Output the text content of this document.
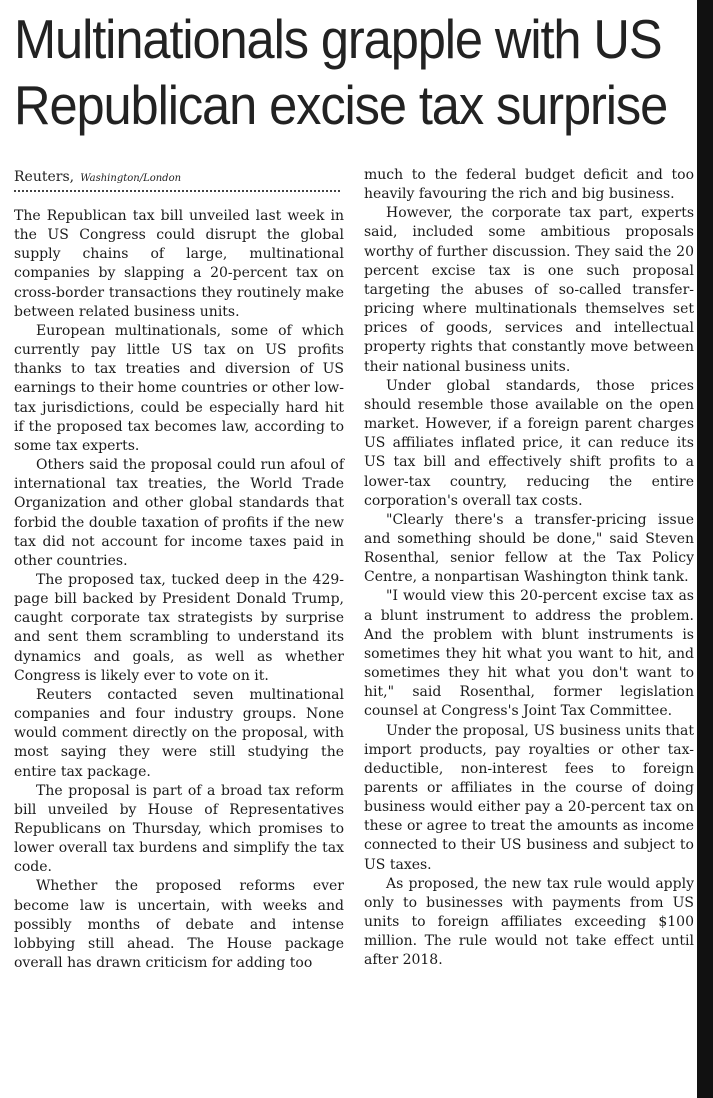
Multinationals grapple with US
Republican excise tax surprise
Reuters, Washington/London

The Republican tax bill unveiled last week in the US Congress could disrupt the global supply chains of large, multinational companies by slapping a 20-percent tax on cross-border transactions they routinely make between related business units.

European multinationals, some of which currently pay little US tax on US profits thanks to tax treaties and diversion of US earnings to their home countries or other low-tax jurisdictions, could be especially hard hit if the proposed tax becomes law, according to some tax experts.

Others said the proposal could run afoul of international tax treaties, the World Trade Organization and other global standards that forbid the double taxation of profits if the new tax did not account for income taxes paid in other countries.

The proposed tax, tucked deep in the 429-page bill backed by President Donald Trump, caught corporate tax strategists by surprise and sent them scrambling to understand its dynamics and goals, as well as whether Congress is likely ever to vote on it.

Reuters contacted seven multinational companies and four industry groups. None would comment directly on the proposal, with most saying they were still studying the entire tax package.

The proposal is part of a broad tax reform bill unveiled by House of Representatives Republicans on Thursday, which promises to lower overall tax burdens and simplify the tax code.

Whether the proposed reforms ever become law is uncertain, with weeks and possibly months of debate and intense lobbying still ahead. The House package overall has drawn criticism for adding too

much to the federal budget deficit and too heavily favouring the rich and big business.

However, the corporate tax part, experts said, included some ambitious proposals worthy of further discussion. They said the 20 percent excise tax is one such proposal targeting the abuses of so-called transfer-pricing where multinationals themselves set prices of goods, services and intellectual property rights that constantly move between their national business units.

Under global standards, those prices should resemble those available on the open market. However, if a foreign parent charges US affiliates inflated price, it can reduce its US tax bill and effectively shift profits to a lower-tax country, reducing the entire corporation's overall tax costs.

"Clearly there's a transfer-pricing issue and something should be done," said Steven Rosenthal, senior fellow at the Tax Policy Centre, a nonpartisan Washington think tank.

"I would view this 20-percent excise tax as a blunt instrument to address the problem. And the problem with blunt instruments is sometimes they hit what you want to hit, and sometimes they hit what you don't want to hit," said Rosenthal, former legislation counsel at Congress's Joint Tax Committee.

Under the proposal, US business units that import products, pay royalties or other tax-deductible, non-interest fees to foreign parents or affiliates in the course of doing business would either pay a 20-percent tax on these or agree to treat the amounts as income connected to their US business and subject to US taxes.

As proposed, the new tax rule would apply only to businesses with payments from US units to foreign affiliates exceeding $100 million. The rule would not take effect until after 2018.
